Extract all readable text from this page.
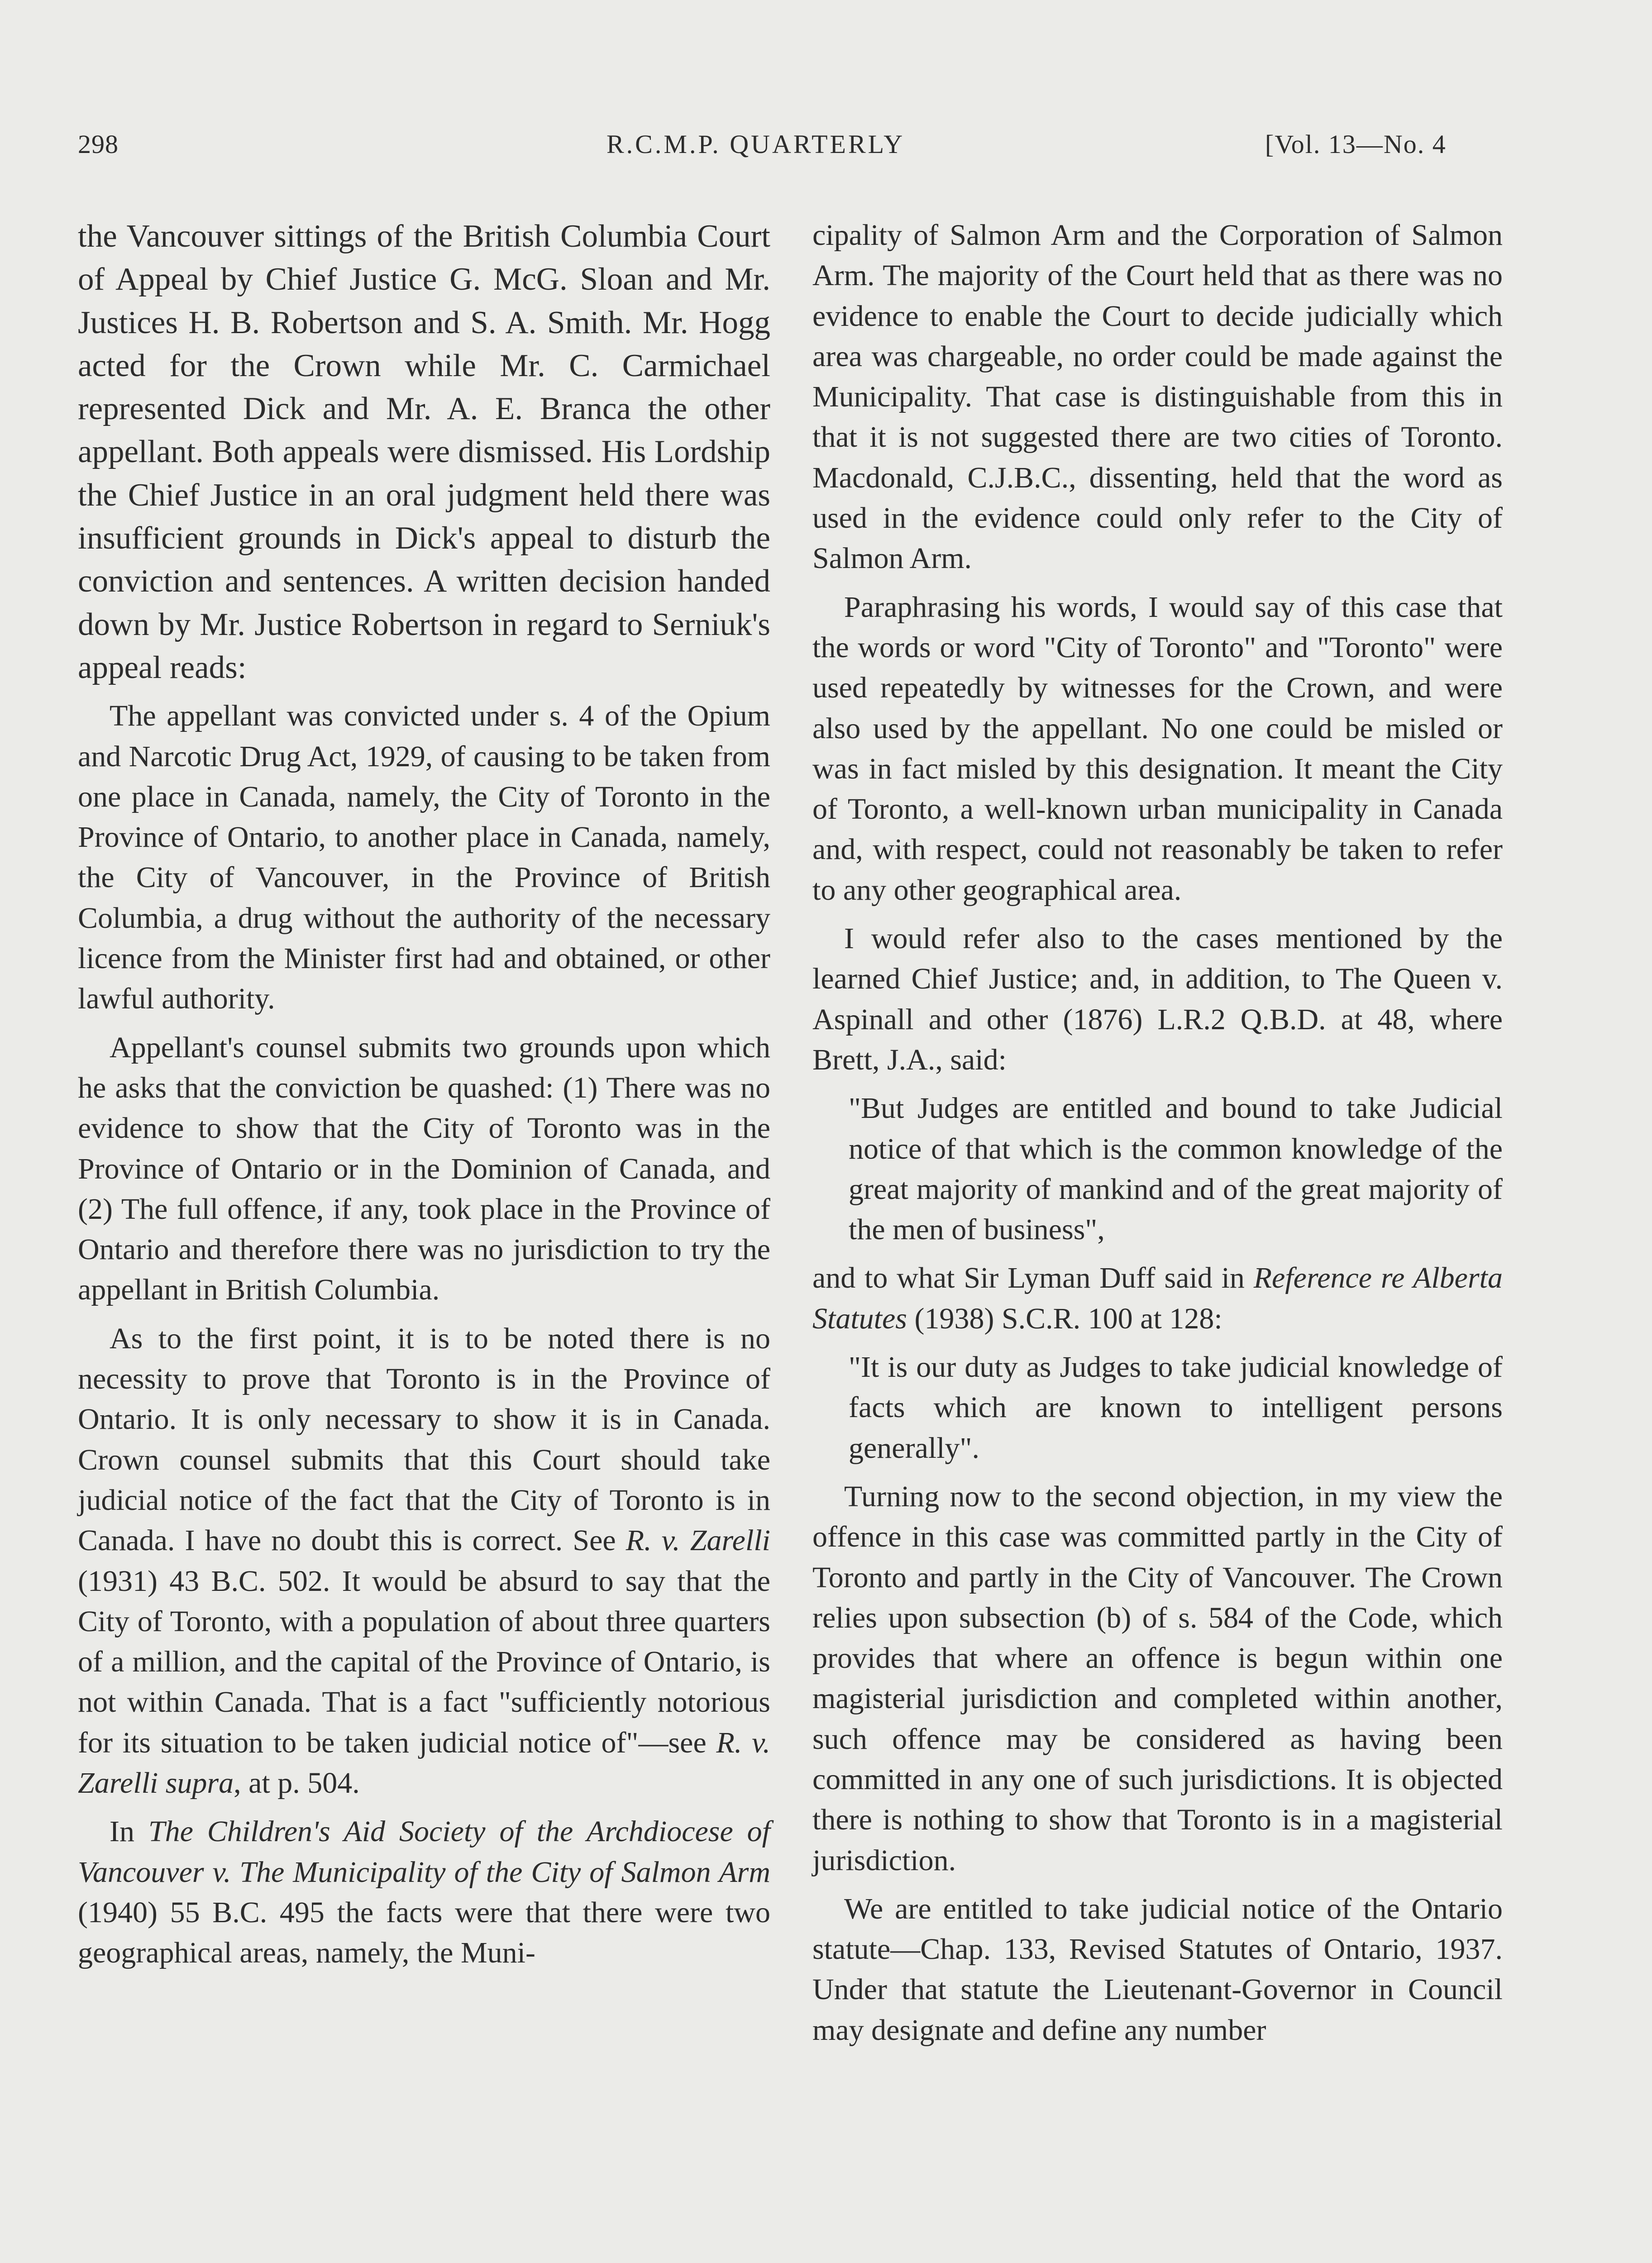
298	R.C.M.P. QUARTERLY	[Vol. 13—No. 4

the Vancouver sittings of the British Columbia Court of Appeal by Chief Justice G. McG. Sloan and Mr. Justices H. B. Robertson and S. A. Smith. Mr. Hogg acted for the Crown while Mr. C. Carmichael represented Dick and Mr. A. E. Branca the other appellant. Both appeals were dismissed. His Lordship the Chief Justice in an oral judgment held there was insufficient grounds in Dick's appeal to disturb the conviction and sentences. A written decision handed down by Mr. Justice Robertson in regard to Serniuk's appeal reads:

The appellant was convicted under s. 4 of the Opium and Narcotic Drug Act, 1929, of causing to be taken from one place in Canada, namely, the City of Toronto in the Province of Ontario, to another place in Canada, namely, the City of Vancouver, in the Province of British Columbia, a drug without the authority of the necessary licence from the Minister first had and obtained, or other lawful authority.

Appellant's counsel submits two grounds upon which he asks that the conviction be quashed: (1) There was no evidence to show that the City of Toronto was in the Province of Ontario or in the Dominion of Canada, and (2) The full offence, if any, took place in the Province of Ontario and therefore there was no jurisdiction to try the appellant in British Columbia.

As to the first point, it is to be noted there is no necessity to prove that Toronto is in the Province of Ontario. It is only necessary to show it is in Canada. Crown counsel submits that this Court should take judicial notice of the fact that the City of Toronto is in Canada. I have no doubt this is correct. See R. v. Zarelli (1931) 43 B.C. 502. It would be absurd to say that the City of Toronto, with a population of about three quarters of a million, and the capital of the Province of Ontario, is not within Canada. That is a fact "sufficiently notorious for its situation to be taken judicial notice of"—see R. v. Zarelli supra, at p. 504.

In The Children's Aid Society of the Archdiocese of Vancouver v. The Municipality of the City of Salmon Arm (1940) 55 B.C. 495 the facts were that there were two geographical areas, namely, the Muni-

cipality of Salmon Arm and the Corporation of Salmon Arm. The majority of the Court held that as there was no evidence to enable the Court to decide judicially which area was chargeable, no order could be made against the Municipality. That case is distinguishable from this in that it is not suggested there are two cities of Toronto. Macdonald, C.J.B.C., dissenting, held that the word as used in the evidence could only refer to the City of Salmon Arm.

Paraphrasing his words, I would say of this case that the words or word "City of Toronto" and "Toronto" were used repeatedly by witnesses for the Crown, and were also used by the appellant. No one could be misled or was in fact misled by this designation. It meant the City of Toronto, a well-known urban municipality in Canada and, with respect, could not reasonably be taken to refer to any other geographical area.

I would refer also to the cases mentioned by the learned Chief Justice; and, in addition, to The Queen v. Aspinall and other (1876) L.R.2 Q.B.D. at 48, where Brett, J.A., said:

"But Judges are entitled and bound to take Judicial notice of that which is the common knowledge of the great majority of mankind and of the great majority of the men of business",

and to what Sir Lyman Duff said in Reference re Alberta Statutes (1938) S.C.R. 100 at 128:

"It is our duty as Judges to take judicial knowledge of facts which are known to intelligent persons generally".

Turning now to the second objection, in my view the offence in this case was committed partly in the City of Toronto and partly in the City of Vancouver. The Crown relies upon subsection (b) of s. 584 of the Code, which provides that where an offence is begun within one magisterial jurisdiction and completed within another, such offence may be considered as having been committed in any one of such jurisdictions. It is objected there is nothing to show that Toronto is in a magisterial jurisdiction.

We are entitled to take judicial notice of the Ontario statute—Chap. 133, Revised Statutes of Ontario, 1937. Under that statute the Lieutenant-Governor in Council may designate and define any number
